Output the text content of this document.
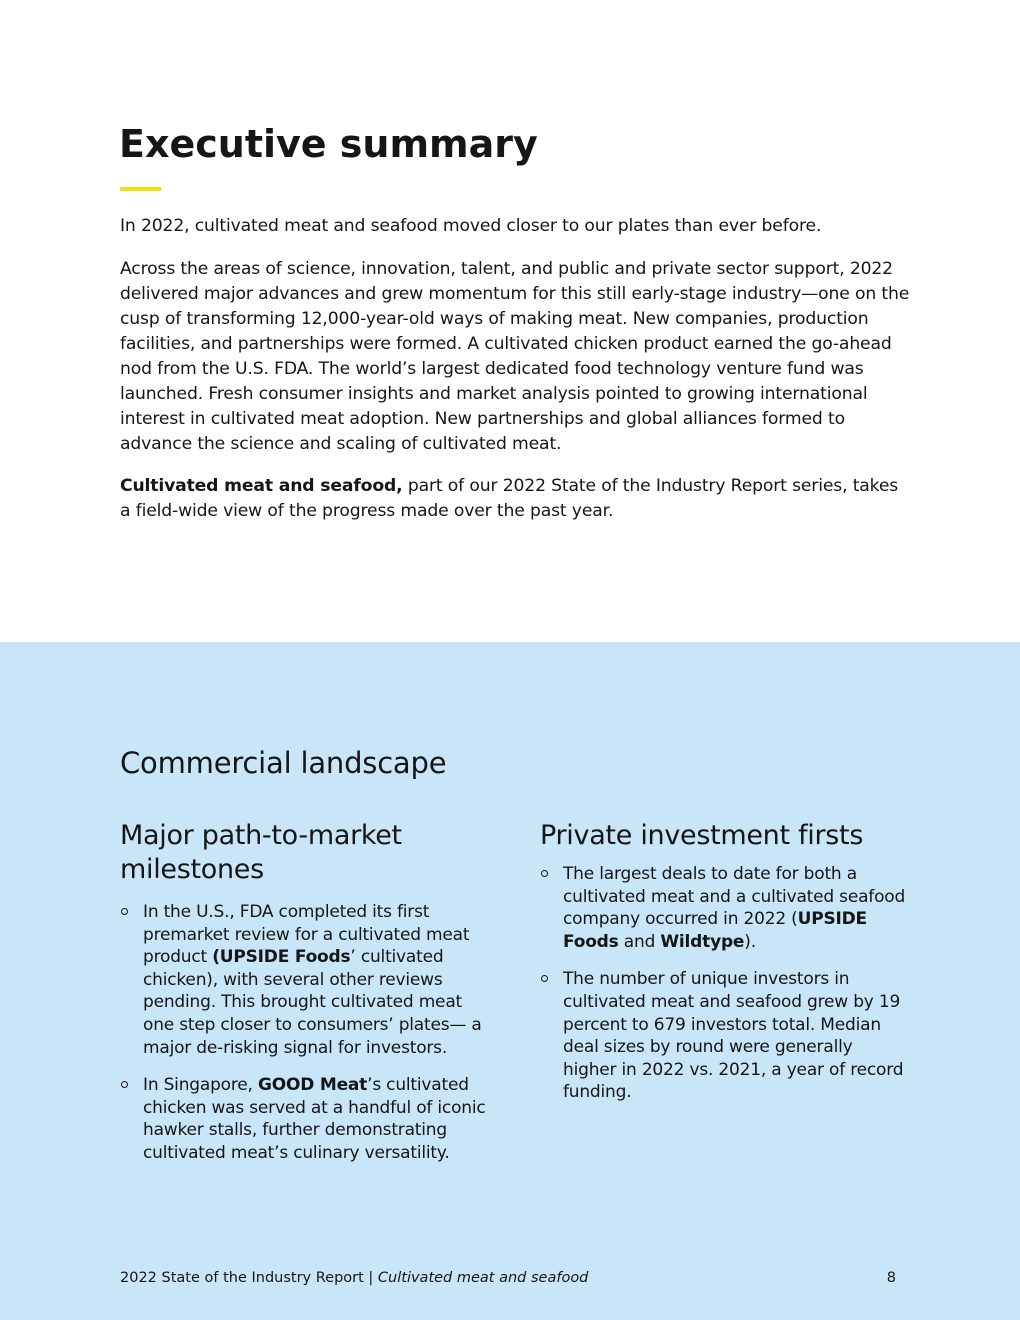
Executive summary

In 2022, cultivated meat and seafood moved closer to our plates than ever before.

Across the areas of science, innovation, talent, and public and private sector support, 2022 delivered major advances and grew momentum for this still early-stage industry—one on the cusp of transforming 12,000-year-old ways of making meat. New companies, production facilities, and partnerships were formed. A cultivated chicken product earned the go-ahead nod from the U.S. FDA. The world’s largest dedicated food technology venture fund was launched. Fresh consumer insights and market analysis pointed to growing international interest in cultivated meat adoption. New partnerships and global alliances formed to advance the science and scaling of cultivated meat.

Cultivated meat and seafood, part of our 2022 State of the Industry Report series, takes a field-wide view of the progress made over the past year.

Commercial landscape
Major path-to-market milestones
In the U.S., FDA completed its first premarket review for a cultivated meat product (UPSIDE Foods’ cultivated chicken), with several other reviews pending. This brought cultivated meat one step closer to consumers’ plates— a major de-risking signal for investors.
In Singapore, GOOD Meat’s cultivated chicken was served at a handful of iconic hawker stalls, further demonstrating cultivated meat’s culinary versatility.
Private investment firsts
The largest deals to date for both a cultivated meat and a cultivated seafood company occurred in 2022 (UPSIDE Foods and Wildtype).
The number of unique investors in cultivated meat and seafood grew by 19 percent to 679 investors total. Median deal sizes by round were generally higher in 2022 vs. 2021, a year of record funding.
2022 State of the Industry Report | Cultivated meat and seafood	8
